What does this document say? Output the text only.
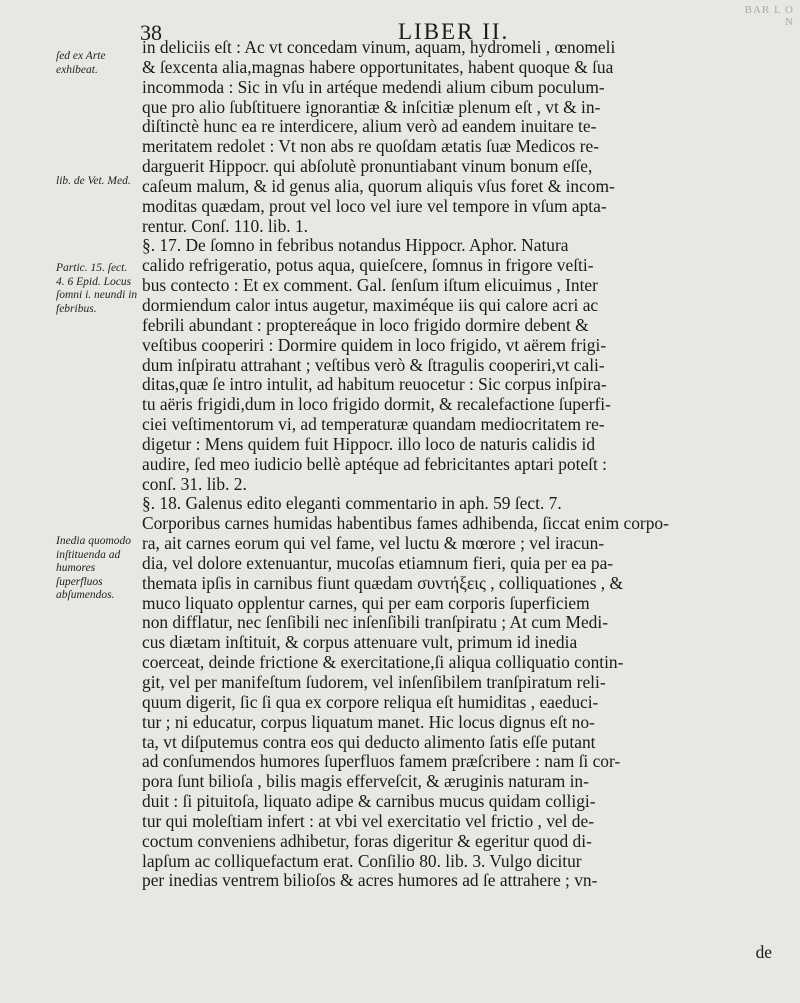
BAR L O N
38	LIBER II.
ſed ex Arte exhibeat.
lib. de Vet. Med.
Partic. 15. ſect. 4. 6 Epid. Locus ſomni i. neundi in febribus.
Inedia quomodo inſtituenda ad humores ſuperfluos abſumendos.
in deliciis eſt : Ac vt concedam vinum, aquam, hydromeli , œnomeli
& ſexcenta alia,magnas habere opportunitates, habent quoque & ſua
incommoda : Sic in vſu in artéque medendi alium cibum poculum-
que pro alio ſubſtituere ignorantiæ & inſcitiæ plenum eſt , vt & in-
diſtinctè hunc ea re interdicere, alium verò ad eandem inuitare te-
meritatem redolet : Vt non abs re quoſdam ætatis ſuæ Medicos re-
darguerit Hippocr. qui abſolutè pronuntiabant vinum bonum eſſe,
caſeum malum, & id genus alia, quorum aliquis vſus foret & incom-
moditas quædam, prout vel loco vel iure vel tempore in vſum apta-
rentur. Conſ. 110. lib. 1.
§. 17. De ſomno in febribus notandus Hippocr. Aphor. Natura
calido refrigeratio, potus aqua, quieſcere, ſomnus in frigore veſti-
bus contecto : Et ex comment. Gal. ſenſum iſtum elicuimus , Inter
dormiendum calor intus augetur, maximéque iis qui calore acri ac
febrili abundant : proptereáque in loco frigido dormire debent &
veſtibus cooperiri : Dormire quidem in loco frigido, vt aërem frigi-
dum inſpiratu attrahant ; veſtibus verò & ſtragulis cooperiri,vt cali-
ditas,quæ ſe intro intulit, ad habitum reuocetur : Sic corpus inſpira-
tu aëris frigidi,dum in loco frigido dormit, & recalefactione ſuperfi-
ciei veſtimentorum vi, ad temperaturæ quandam mediocritatem re-
digetur : Mens quidem fuit Hippocr. illo loco de naturis calidis id
audire, ſed meo iudicio bellè aptéque ad febricitantes aptari poteſt :
conſ. 31. lib. 2.
§. 18. Galenus edito eleganti commentario in aph. 59 ſect. 7.
Corporibus carnes humidas habentibus fames adhibenda, ſiccat enim corpo-
ra, ait carnes eorum qui vel fame, vel luctu & mœrore ; vel iracun-
dia, vel dolore extenuantur, mucoſas etiamnum fieri, quia per ea pa-
themata ipſis in carnibus fiunt quædam συντήξεις , colliquationes , &
muco liquato opplentur carnes, qui per eam corporis ſuperficiem
non difflatur, nec ſenſibili nec inſenſibili tranſpiratu ; At cum Medi-
cus diætam inſtituit, & corpus attenuare vult, primum id inedia
coerceat, deinde frictione & exercitatione,ſi aliqua colliquatio contin-
git, vel per manifeſtum ſudorem, vel inſenſibilem tranſpiratum reli-
quum digerit, ſic ſi qua ex corpore reliqua eſt humiditas , eaeduci-
tur ; ni educatur, corpus liquatum manet. Hic locus dignus eſt no-
ta, vt diſputemus contra eos qui deducto alimento ſatis eſſe putant
ad conſumendos humores ſuperfluos famem præſcribere : nam ſi cor-
pora ſunt bilioſa , bilis magis efferveſcit, & æruginis naturam in-
duit : ſi pituitoſa, liquato adipe & carnibus mucus quidam colligi-
tur qui moleſtiam infert : at vbi vel exercitatio vel frictio , vel de-
coctum conveniens adhibetur, foras digeritur & egeritur quod di-
lapſum ac colliquefactum erat. Conſilio 80. lib. 3. Vulgo dicitur
per inedias ventrem bilioſos & acres humores ad ſe attrahere ; vn-
de
